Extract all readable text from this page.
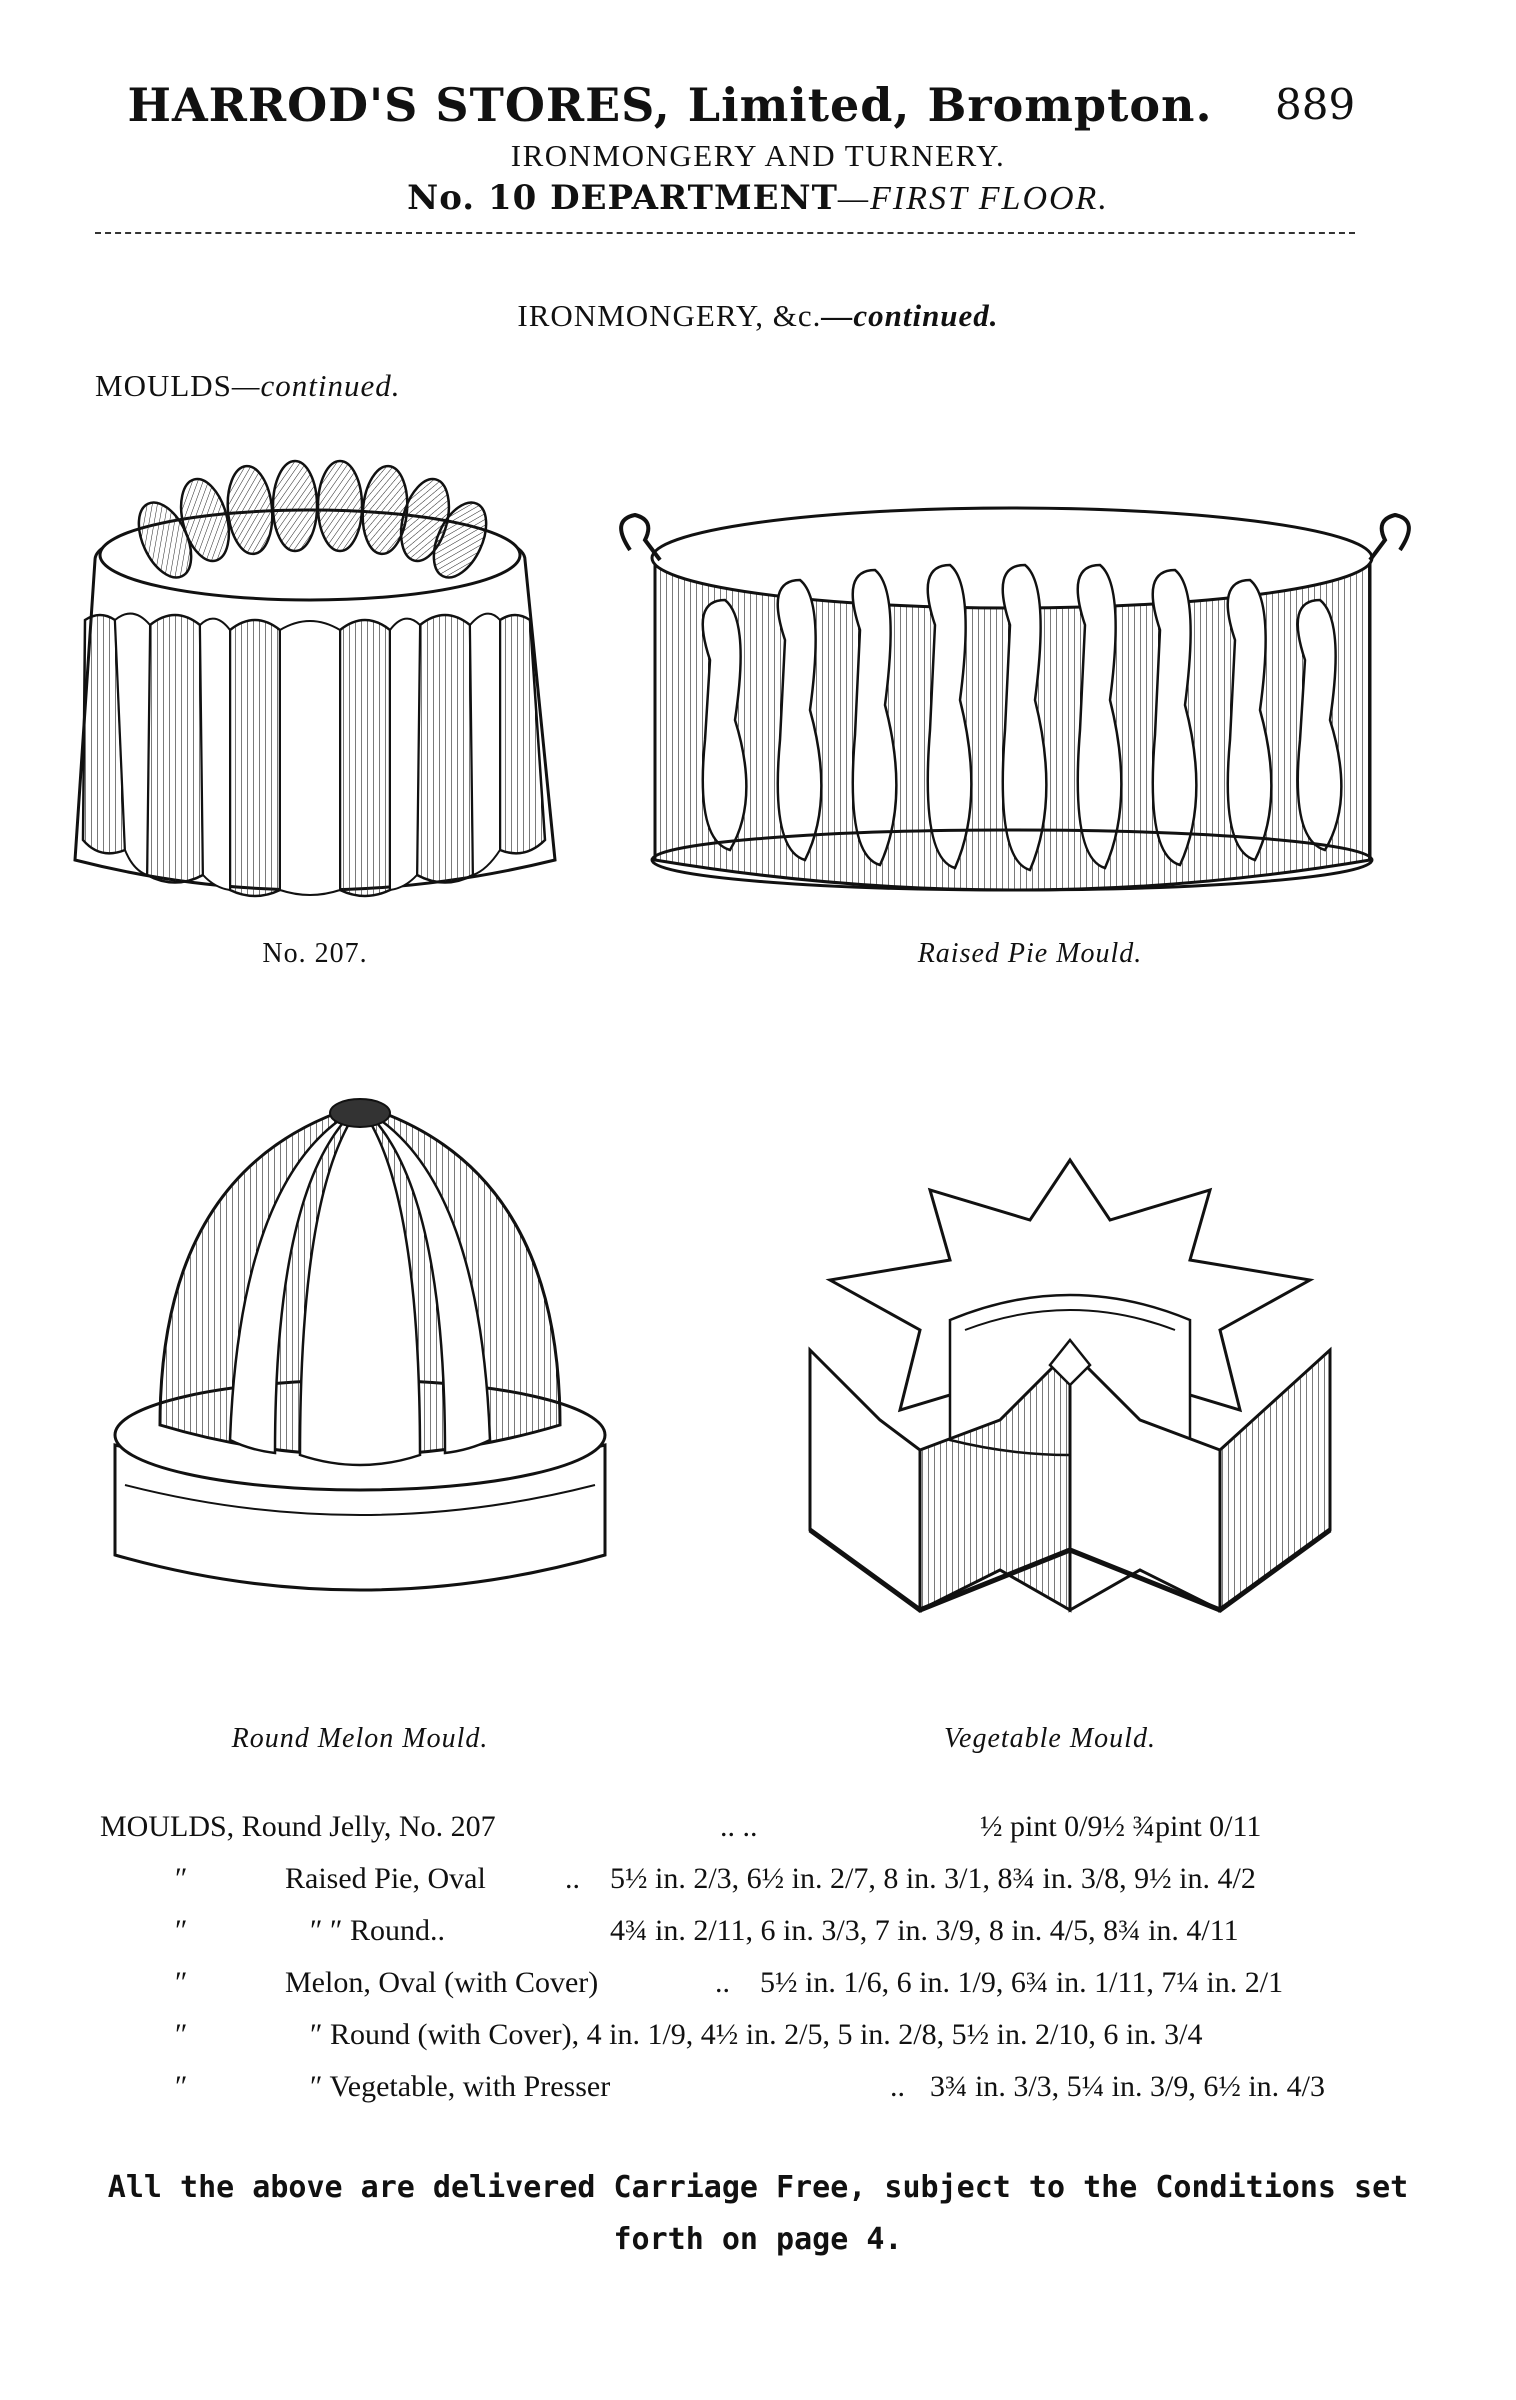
HARROD'S STORES, Limited, Brompton.	889
IRONMONGERY AND TURNERY.
No. 10 DEPARTMENT—FIRST FLOOR.
IRONMONGERY, &c.—continued.
MOULDS—continued.
No. 207.	Raised Pie Mould.
Round Melon Mould.	Vegetable Mould.
MOULDS, Round Jelly, No. 207	.. ..	½ pint 0/9½ ¾pint 0/11
″	Raised Pie, Oval	.. 5½ in. 2/3, 6½ in. 2/7, 8 in. 3/1, 8¾ in. 3/8, 9½ in. 4/2
″	″ ″ Round..	4¾ in. 2/11, 6 in. 3/3, 7 in. 3/9, 8 in. 4/5, 8¾ in. 4/11
″	Melon, Oval (with Cover)	.. 5½ in. 1/6, 6 in. 1/9, 6¾ in. 1/11, 7¼ in. 2/1
″	″ Round (with Cover), 4 in. 1/9, 4½ in. 2/5, 5 in. 2/8, 5½ in. 2/10, 6 in. 3/4
″	″ Vegetable, with Presser	.. 3¾ in. 3/3, 5¼ in. 3/9, 6½ in. 4/3
All the above are delivered Carriage Free, subject to the Conditions set
forth on page 4.
